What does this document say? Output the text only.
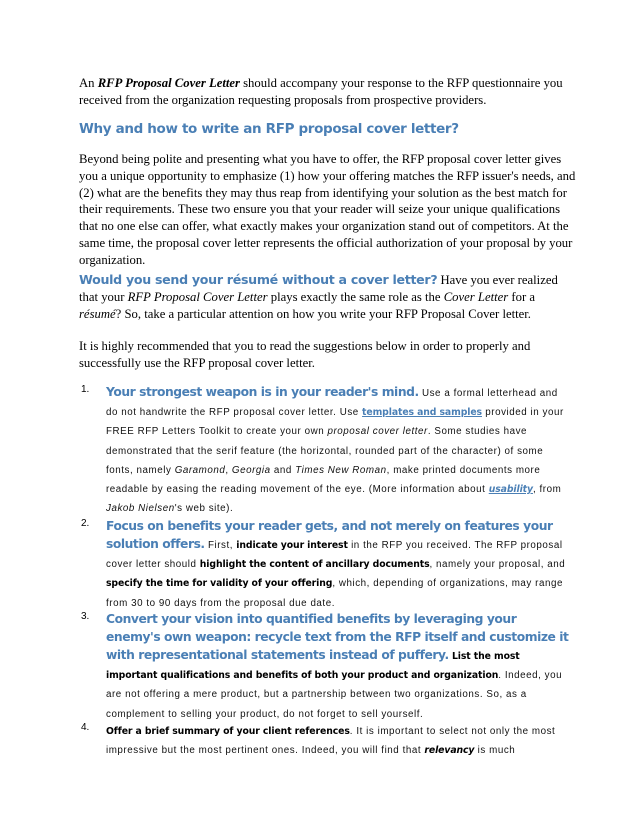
An RFP Proposal Cover Letter should accompany your response to the RFP questionnaire you received from the organization requesting proposals from prospective providers.

Why and how to write an RFP proposal cover letter?

Beyond being polite and presenting what you have to offer, the RFP proposal cover letter gives you a unique opportunity to emphasize (1) how your offering matches the RFP issuer's needs, and (2) what are the benefits they may thus reap from identifying your solution as the best match for their requirements. These two ensure you that your reader will seize your unique qualifications that no one else can offer, what exactly makes your organization stand out of competitors. At the same time, the proposal cover letter represents the official authorization of your proposal by your organization.

Would you send your résumé without a cover letter? Have you ever realized that your RFP Proposal Cover Letter plays exactly the same role as the Cover Letter for a résumé? So, take a particular attention on how you write your RFP Proposal Cover letter.

It is highly recommended that you to read the suggestions below in order to properly and successfully use the RFP proposal cover letter.

1. Your strongest weapon is in your reader's mind. Use a formal letterhead and do not handwrite the RFP proposal cover letter. Use templates and samples provided in your FREE RFP Letters Toolkit to create your own proposal cover letter. Some studies have demonstrated that the serif feature (the horizontal, rounded part of the character) of some fonts, namely Garamond, Georgia and Times New Roman, make printed documents more readable by easing the reading movement of the eye. (More information about usability, from Jakob Nielsen's web site).
2. Focus on benefits your reader gets, and not merely on features your solution offers. First, indicate your interest in the RFP you received. The RFP proposal cover letter should highlight the content of ancillary documents, namely your proposal, and specify the time for validity of your offering, which, depending of organizations, may range from 30 to 90 days from the proposal due date.
3. Convert your vision into quantified benefits by leveraging your enemy's own weapon: recycle text from the RFP itself and customize it with representational statements instead of puffery. List the most important qualifications and benefits of both your product and organization. Indeed, you are not offering a mere product, but a partnership between two organizations. So, as a complement to selling your product, do not forget to sell yourself.
4. Offer a brief summary of your client references. It is important to select not only the most impressive but the most pertinent ones. Indeed, you will find that relevancy is much
